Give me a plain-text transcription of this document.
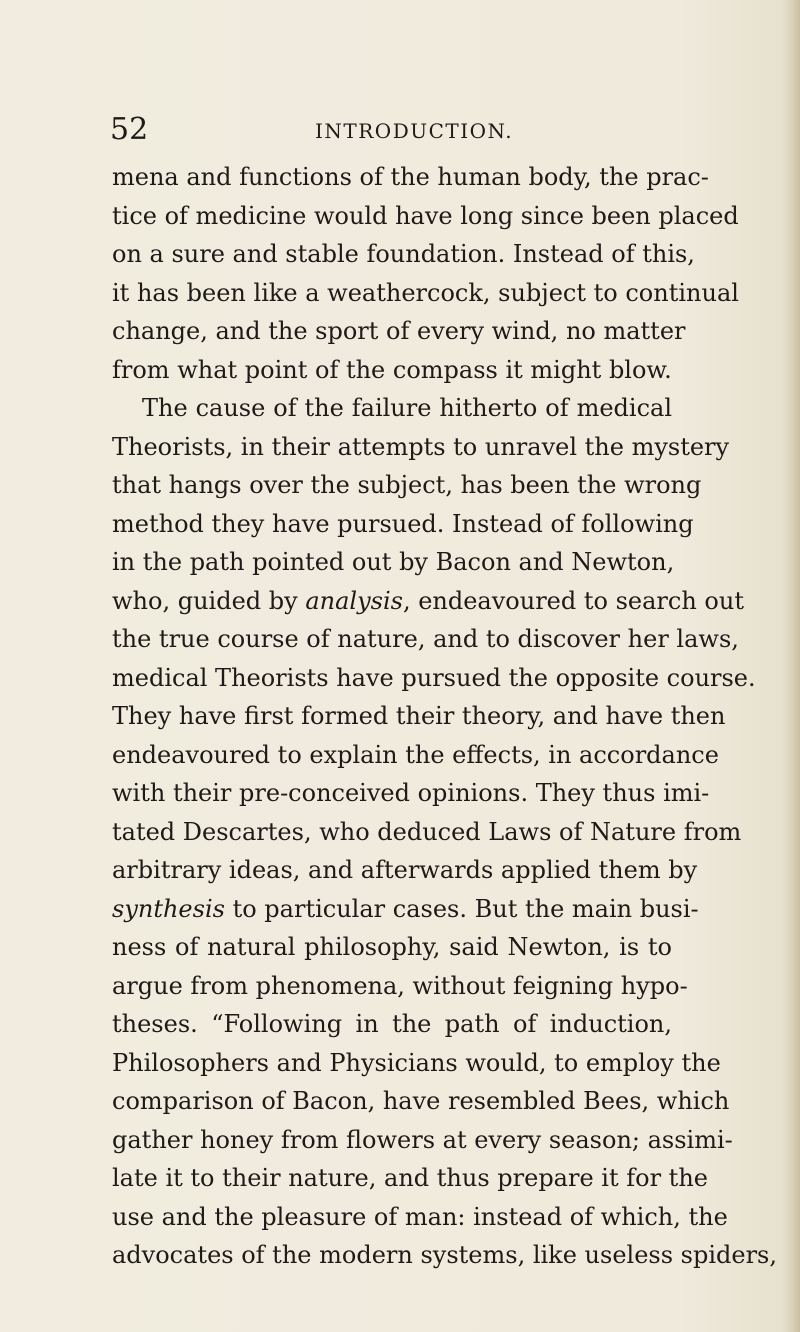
52	INTRODUCTION.
mena and functions of the human body, the prac-
tice of medicine would have long since been placed
on a sure and stable foundation. Instead of this,
it has been like a weathercock, subject to continual
change, and the sport of every wind, no matter
from what point of the compass it might blow.
The cause of the failure hitherto of medical
Theorists, in their attempts to unravel the mystery
that hangs over the subject, has been the wrong
method they have pursued. Instead of following
in the path pointed out by Bacon and Newton,
who, guided by analysis, endeavoured to search out
the true course of nature, and to discover her laws,
medical Theorists have pursued the opposite course.
They have first formed their theory, and have then
endeavoured to explain the effects, in accordance
with their pre-conceived opinions. They thus imi-
tated Descartes, who deduced Laws of Nature from
arbitrary ideas, and afterwards applied them by
synthesis to particular cases. But the main busi-
ness of natural philosophy, said Newton, is to
argue from phenomena, without feigning hypo-
theses. “Following in the path of induction,
Philosophers and Physicians would, to employ the
comparison of Bacon, have resembled Bees, which
gather honey from flowers at every season; assimi-
late it to their nature, and thus prepare it for the
use and the pleasure of man: instead of which, the
advocates of the modern systems, like useless spiders,
